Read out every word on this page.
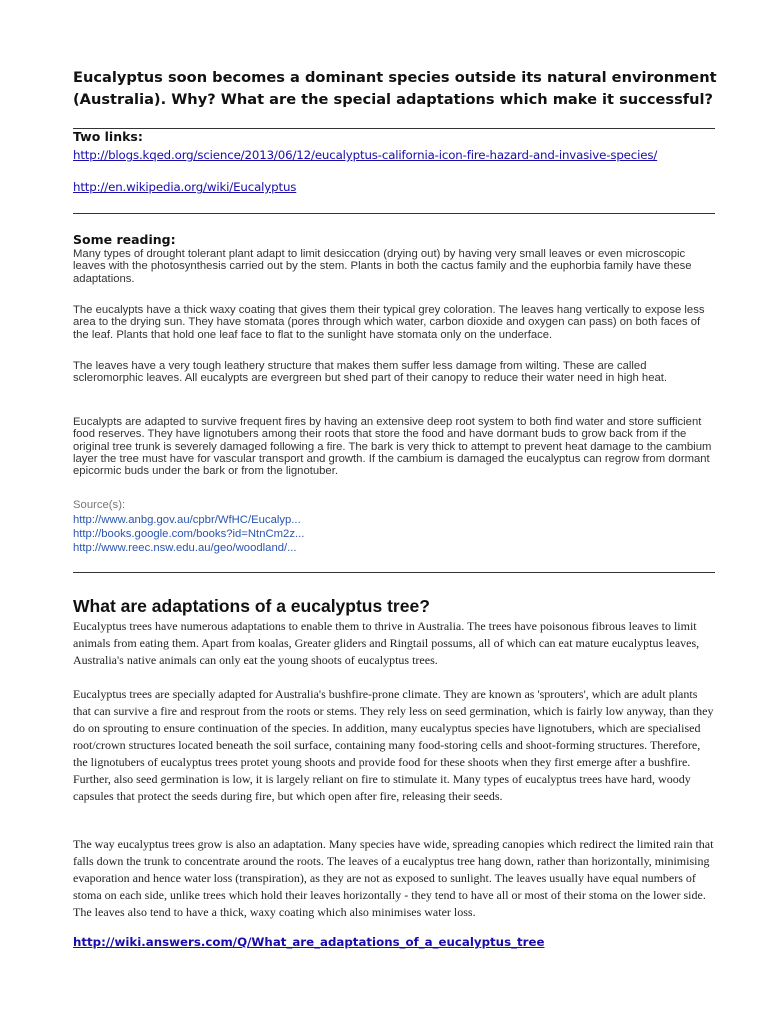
Eucalyptus soon becomes a dominant species outside its natural environment (Australia). Why? What are the special adaptations which make it successful?
Two links:
http://blogs.kqed.org/science/2013/06/12/eucalyptus-california-icon-fire-hazard-and-invasive-species/
http://en.wikipedia.org/wiki/Eucalyptus
Some reading:

Many types of drought tolerant plant adapt to limit desiccation (drying out) by having very small leaves or even microscopic leaves with the photosynthesis carried out by the stem. Plants in both the cactus family and the euphorbia family have these adaptations.

The eucalypts have a thick waxy coating that gives them their typical grey coloration. The leaves hang vertically to expose less area to the drying sun. They have stomata (pores through which water, carbon dioxide and oxygen can pass) on both faces of the leaf. Plants that hold one leaf face to flat to the sunlight have stomata only on the underface.

The leaves have a very tough leathery structure that makes them suffer less damage from wilting. These are called scleromorphic leaves. All eucalypts are evergreen but shed part of their canopy to reduce their water need in high heat.

Eucalypts are adapted to survive frequent fires by having an extensive deep root system to both find water and store sufficient food reserves. They have lignotubers among their roots that store the food and have dormant buds to grow back from if the original tree trunk is severely damaged following a fire. The bark is very thick to attempt to prevent heat damage to the cambium layer the tree must have for vascular transport and growth. If the cambium is damaged the eucalyptus can regrow from dormant epicormic buds under the bark or from the lignotuber.

Source(s):
http://www.anbg.gov.au/cpbr/WfHC/Eucalyp...
http://books.google.com/books?id=NtnCm2z...
http://www.reec.nsw.edu.au/geo/woodland/...
What are adaptations of a eucalyptus tree?

Eucalyptus trees have numerous adaptations to enable them to thrive in Australia. The trees have poisonous fibrous leaves to limit animals from eating them. Apart from koalas, Greater gliders and Ringtail possums, all of which can eat mature eucalyptus leaves, Australia's native animals can only eat the young shoots of eucalyptus trees.

Eucalyptus trees are specially adapted for Australia's bushfire-prone climate. They are known as 'sprouters', which are adult plants that can survive a fire and resprout from the roots or stems. They rely less on seed germination, which is fairly low anyway, than they do on sprouting to ensure continuation of the species. In addition, many eucalyptus species have lignotubers, which are specialised root/crown structures located beneath the soil surface, containing many food-storing cells and shoot-forming structures. Therefore, the lignotubers of eucalyptus trees protet young shoots and provide food for these shoots when they first emerge after a bushfire. Further, also seed germination is low, it is largely reliant on fire to stimulate it. Many types of eucalyptus trees have hard, woody capsules that protect the seeds during fire, but which open after fire, releasing their seeds.

The way eucalyptus trees grow is also an adaptation. Many species have wide, spreading canopies which redirect the limited rain that falls down the trunk to concentrate around the roots. The leaves of a eucalyptus tree hang down, rather than horizontally, minimising evaporation and hence water loss (transpiration), as they are not as exposed to sunlight. The leaves usually have equal numbers of stoma on each side, unlike trees which hold their leaves horizontally - they tend to have all or most of their stoma on the lower side. The leaves also tend to have a thick, waxy coating which also minimises water loss.

http://wiki.answers.com/Q/What_are_adaptations_of_a_eucalyptus_tree
